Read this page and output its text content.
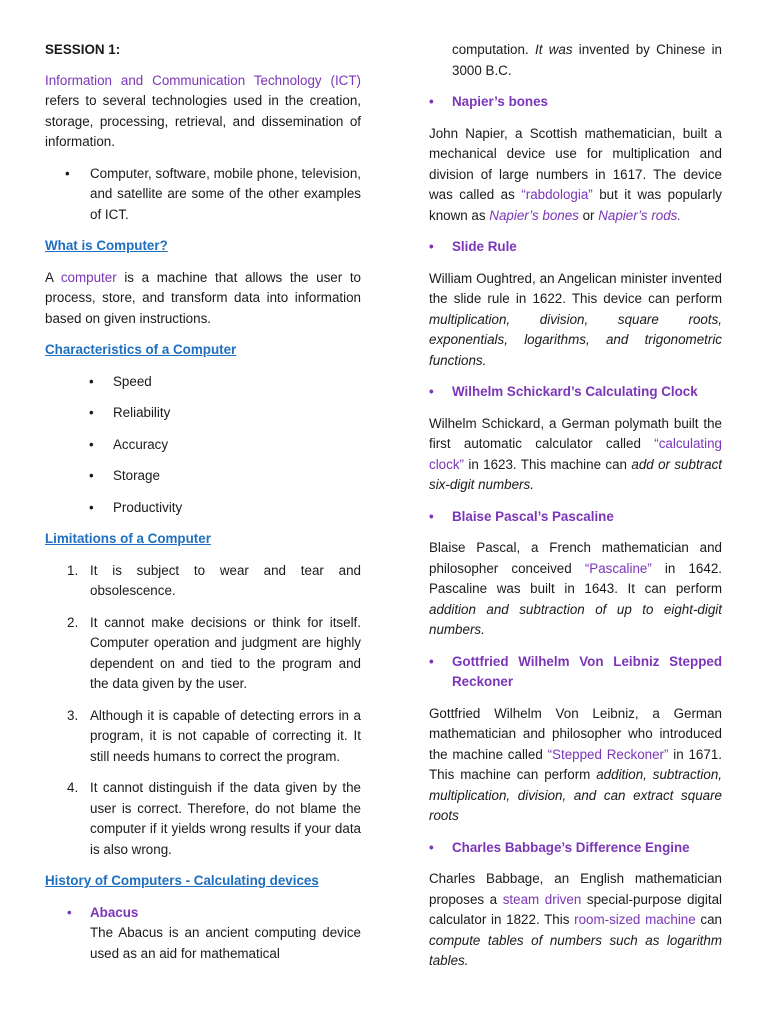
SESSION 1:

Information and Communication Technology (ICT) refers to several technologies used in the creation, storage, processing, retrieval, and dissemination of information.

• Computer, software, mobile phone, television, and satellite are some of the other examples of ICT.
What is Computer?

A computer is a machine that allows the user to process, store, and transform data into information based on given instructions.

Characteristics of a Computer
• Speed
• Reliability
• Accuracy
• Storage
• Productivity
Limitations of a Computer
1. It is subject to wear and tear and obsolescence.
2. It cannot make decisions or think for itself. Computer operation and judgment are highly dependent on and tied to the program and the data given by the user.
3. Although it is capable of detecting errors in a program, it is not capable of correcting it. It still needs humans to correct the program.
4. It cannot distinguish if the data given by the user is correct. Therefore, do not blame the computer if it yields wrong results if your data is also wrong.
History of Computers - Calculating devices
• Abacus
The Abacus is an ancient computing device used as an aid for mathematical

computation. It was invented by Chinese in 3000 B.C.

• Napier’s bones

John Napier, a Scottish mathematician, built a mechanical device use for multiplication and division of large numbers in 1617. The device was called as “rabdologia” but it was popularly known as Napier’s bones or Napier’s rods.

• Slide Rule

William Oughtred, an Angelican minister invented the slide rule in 1622. This device can perform multiplication, division, square roots, exponentials, logarithms, and trigonometric functions.

• Wilhelm Schickard’s Calculating Clock

Wilhelm Schickard, a German polymath built the first automatic calculator called “calculating clock” in 1623. This machine can add or subtract six-digit numbers.

• Blaise Pascal’s Pascaline

Blaise Pascal, a French mathematician and philosopher conceived “Pascaline” in 1642. Pascaline was built in 1643. It can perform addition and subtraction of up to eight-digit numbers.

• Gottfried Wilhelm Von Leibniz Stepped Reckoner

Gottfried Wilhelm Von Leibniz, a German mathematician and philosopher who introduced the machine called “Stepped Reckoner” in 1671. This machine can perform addition, subtraction, multiplication, division, and can extract square roots

• Charles Babbage’s Difference Engine

Charles Babbage, an English mathematician proposes a steam driven special-purpose digital calculator in 1822. This room-sized machine can compute tables of numbers such as logarithm tables.
